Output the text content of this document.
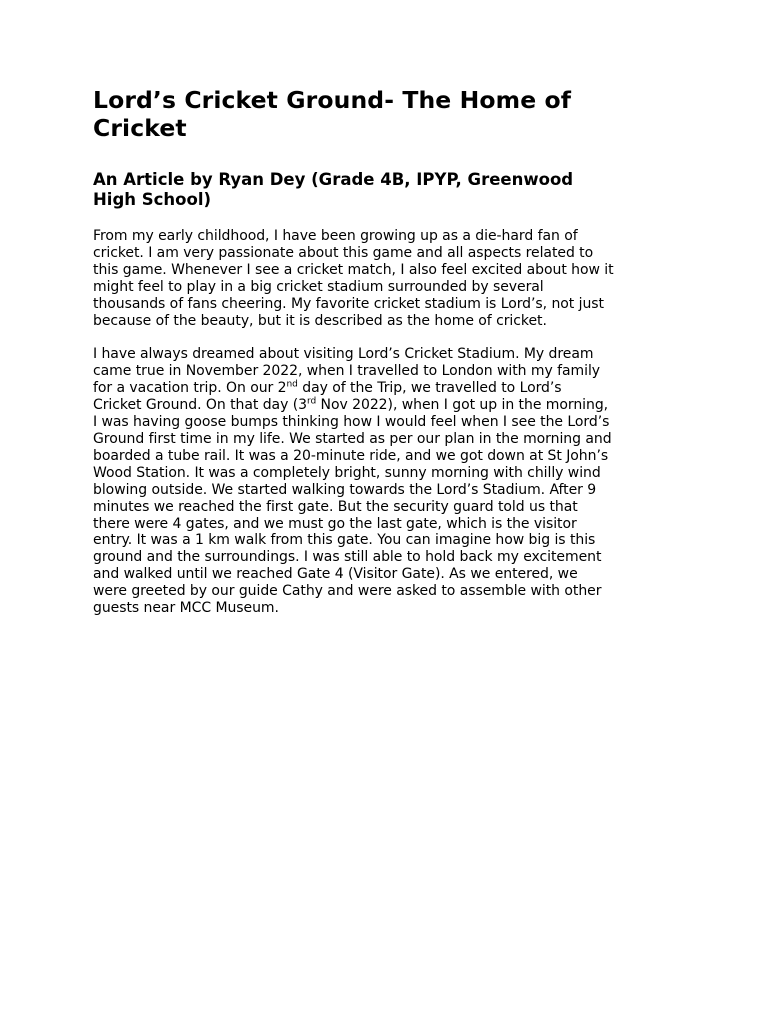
Lord’s Cricket Ground- The Home of
Cricket
An Article by Ryan Dey (Grade 4B, IPYP, Greenwood
High School)

From my early childhood, I have been growing up as a die-hard fan of
cricket. I am very passionate about this game and all aspects related to
this game. Whenever I see a cricket match, I also feel excited about how it
might feel to play in a big cricket stadium surrounded by several
thousands of fans cheering. My favorite cricket stadium is Lord’s, not just
because of the beauty, but it is described as the home of cricket.

I have always dreamed about visiting Lord’s Cricket Stadium. My dream
came true in November 2022, when I travelled to London with my family
for a vacation trip. On our 2nd day of the Trip, we travelled to Lord’s
Cricket Ground. On that day (3rd Nov 2022), when I got up in the morning,
I was having goose bumps thinking how I would feel when I see the Lord’s
Ground first time in my life. We started as per our plan in the morning and
boarded a tube rail. It was a 20-minute ride, and we got down at St John’s
Wood Station. It was a completely bright, sunny morning with chilly wind
blowing outside. We started walking towards the Lord’s Stadium. After 9
minutes we reached the first gate. But the security guard told us that
there were 4 gates, and we must go the last gate, which is the visitor
entry. It was a 1 km walk from this gate. You can imagine how big is this
ground and the surroundings. I was still able to hold back my excitement
and walked until we reached Gate 4 (Visitor Gate). As we entered, we
were greeted by our guide Cathy and were asked to assemble with other
guests near MCC Museum.
